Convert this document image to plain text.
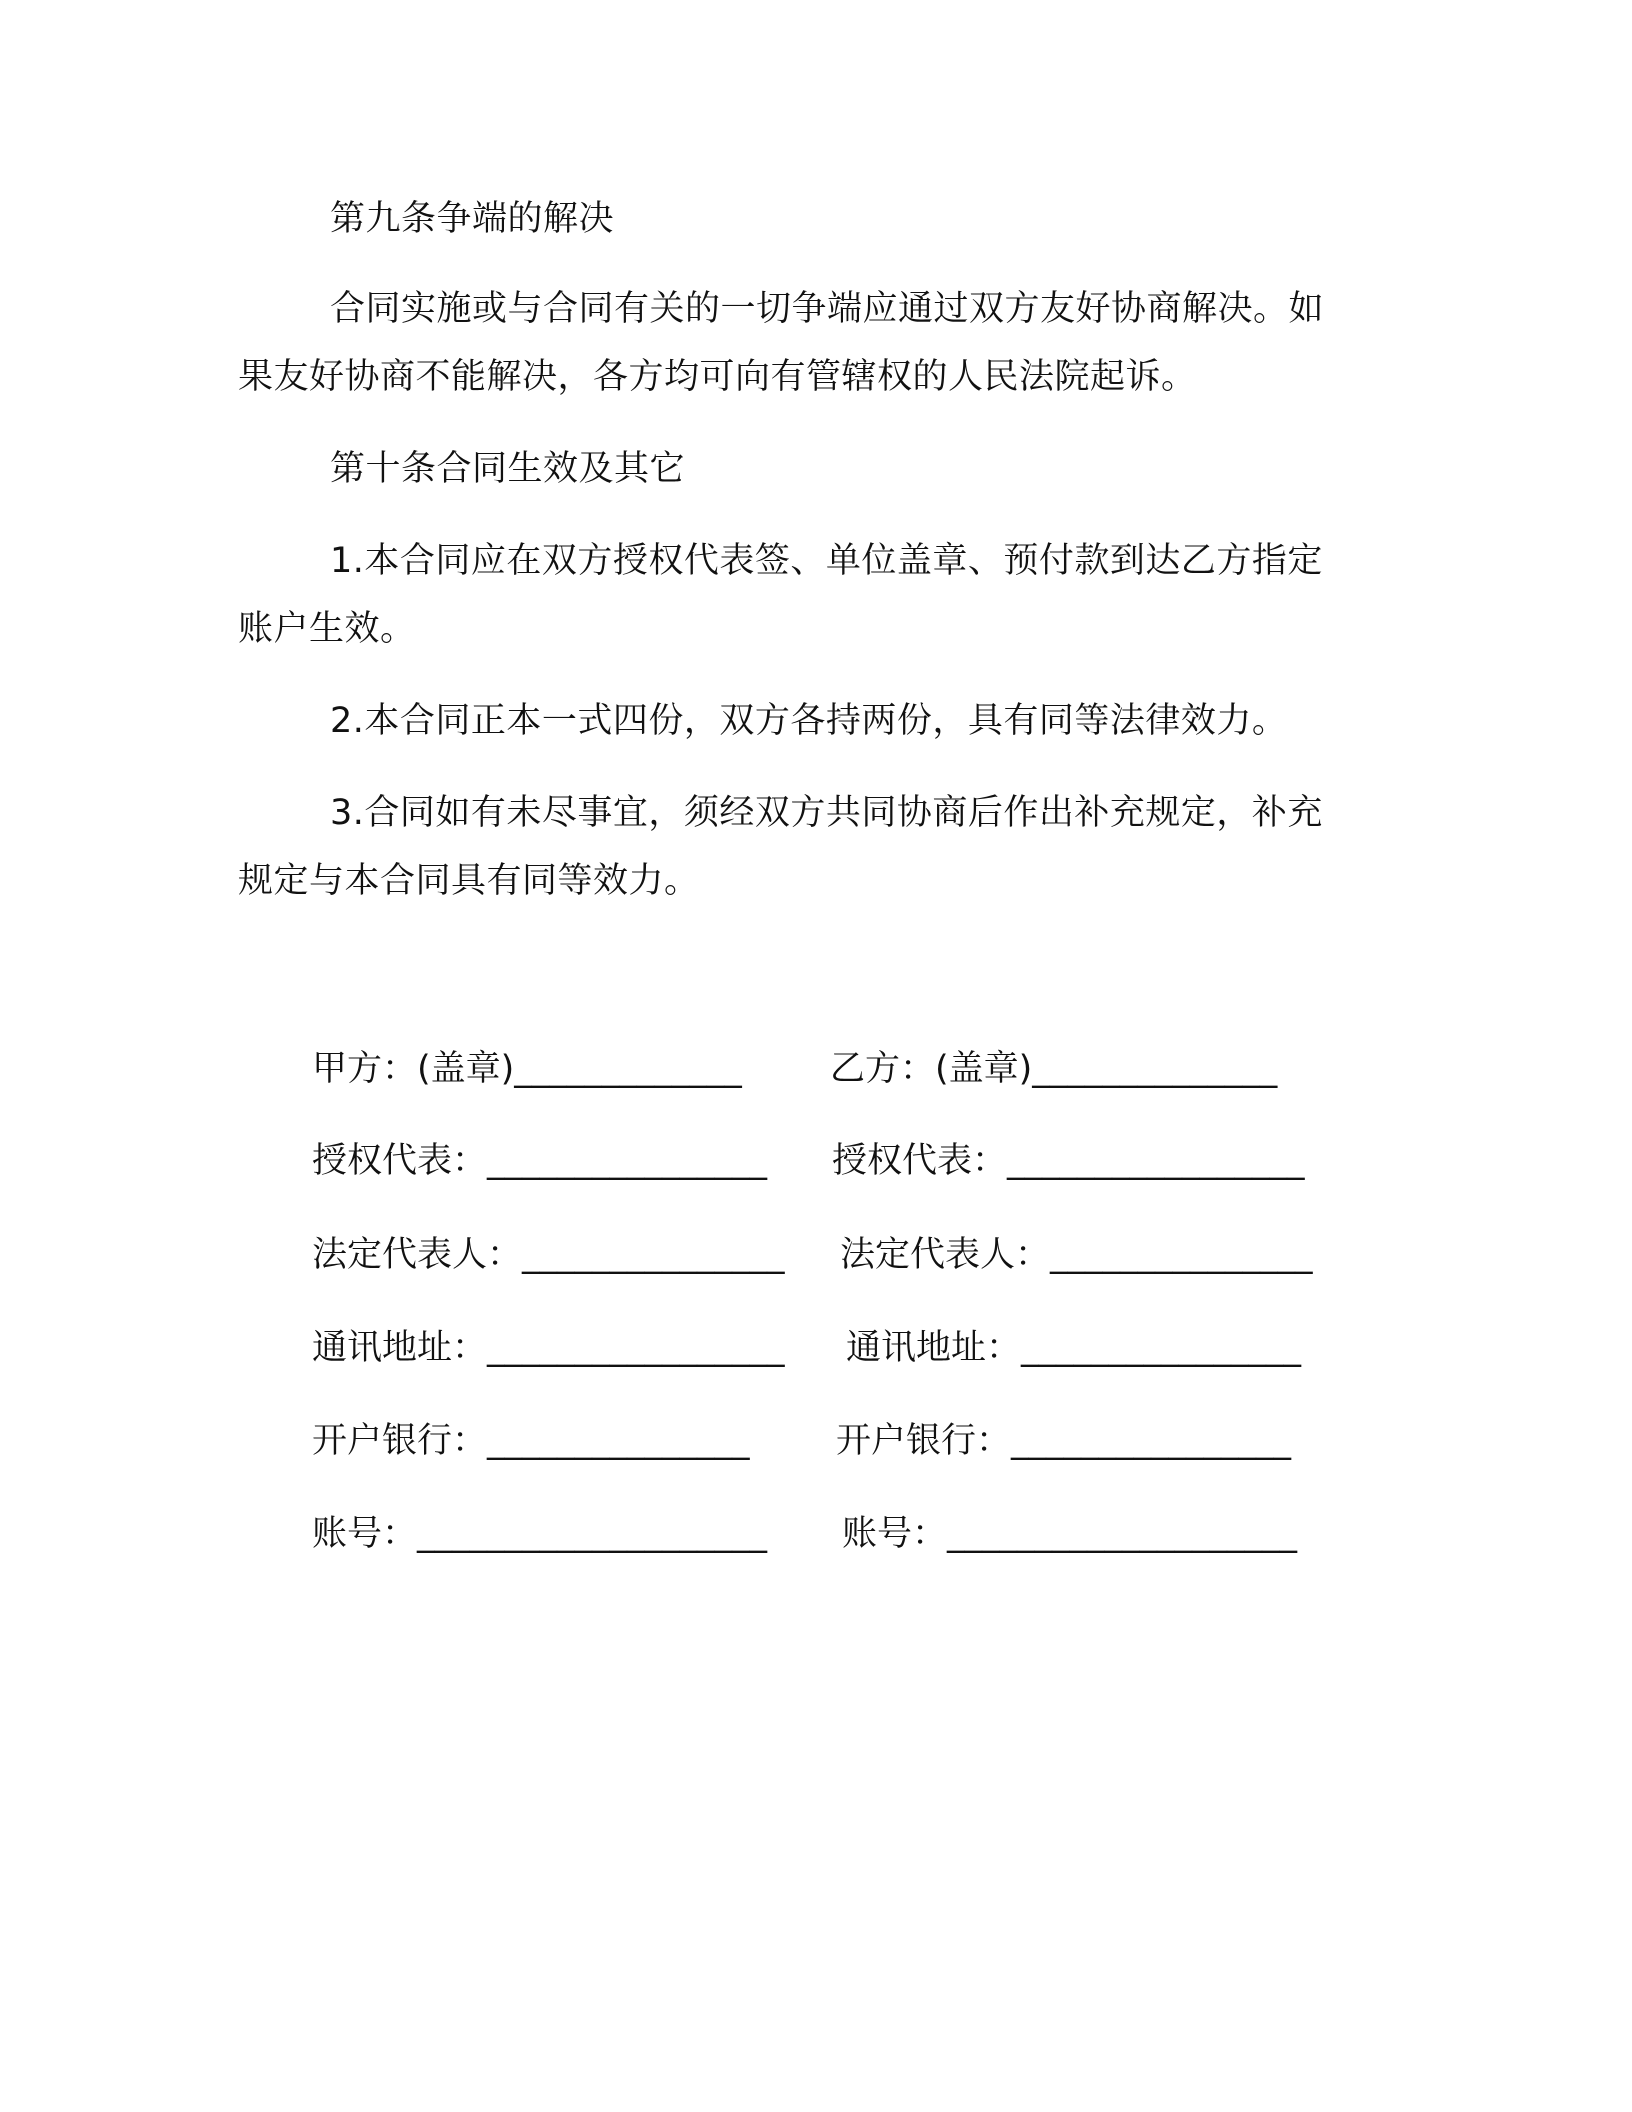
第九条争端的解决
合同实施或与合同有关的一切争端应通过双方友好协商解决。如
果友好协商不能解决，各方均可向有管辖权的人民法院起诉。
第十条合同生效及其它
1.本合同应在双方授权代表签、单位盖章、预付款到达乙方指定
账户生效。
2.本合同正本一式四份，双方各持两份，具有同等法律效力。
3.合同如有未尽事宜，须经双方共同协商后作出补充规定，补充
规定与本合同具有同等效力。
甲方：(盖章)_____________
授权代表：________________
法定代表人：_______________
通讯地址：_________________
开户银行：_______________
账号：____________________
乙方：(盖章)______________
授权代表：_________________
法定代表人：_______________
通讯地址：________________
开户银行：________________
账号：____________________
